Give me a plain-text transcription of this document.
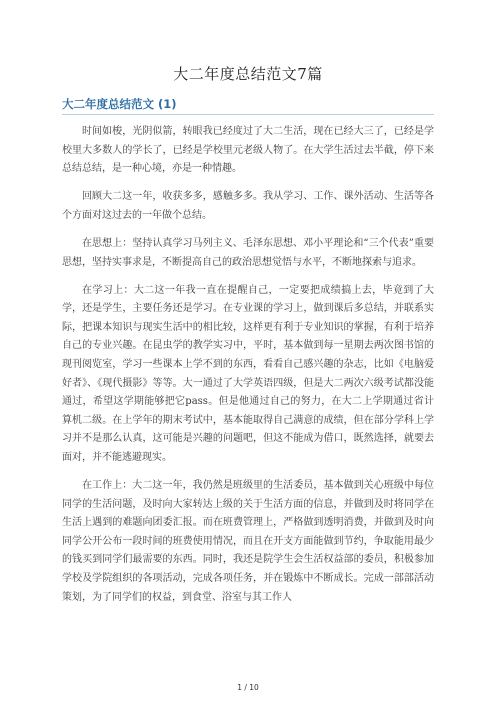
大二年度总结范文7篇
大二年度总结范文 (1)

时间如梭，光阴似箭，转眼我已经度过了大二生活，现在已经大三了，已经是学校里大多数人的学长了，已经是学校里元老级人物了。在大学生活过去半截，停下来总结总结，是一种心境，亦是一种情趣。

回顾大二这一年，收获多多，感触多多。我从学习、工作、课外活动、生活等各个方面对这过去的一年做个总结。

在思想上：坚持认真学习马列主义、毛泽东思想、邓小平理论和“三个代表”重要思想，坚持实事求是，不断提高自己的政治思想觉悟与水平，不断地探索与追求。

在学习上：大二这一年我一直在提醒自己，一定要把成绩搞上去，毕竟到了大学，还是学生，主要任务还是学习。在专业课的学习上，做到课后多总结，并联系实际，把课本知识与现实生活中的相比较，这样更有利于专业知识的掌握，有利于培养自己的专业兴趣。在昆虫学的教学实习中，平时，基本做到每一星期去两次图书馆的现刊阅览室，学习一些课本上学不到的东西，看看自己感兴趣的杂志，比如《电脑爱好者》、《现代摄影》等等。大一通过了大学英语四级，但是大二两次六级考试都没能通过，希望这学期能够把它pass。但是他通过自己的努力，在大二上学期通过省计算机二级。在上学年的期末考试中，基本能取得自己满意的成绩，但在部分学科上学习并不是那么认真，这可能是兴趣的问题吧，但这不能成为借口，既然选择，就要去面对，并不能逃避现实。

在工作上：大二这一年，我仍然是班级里的生活委员，基本做到关心班级中每位同学的生活问题，及时向大家转达上级的关于生活方面的信息，并做到及时将同学在生活上遇到的难题向团委汇报。而在班费管理上，严格做到透明消费，并做到及时向同学公开公布一段时间的班费使用情况，而且在开支方面能做到节约，争取能用最少的钱买到同学们最需要的东西。同时，我还是院学生会生活权益部的委员，积极参加学校及学院组织的各项活动，完成各项任务，并在锻炼中不断成长。完成一部部活动策划，为了同学们的权益，到食堂、浴室与其工作人

1 / 10
